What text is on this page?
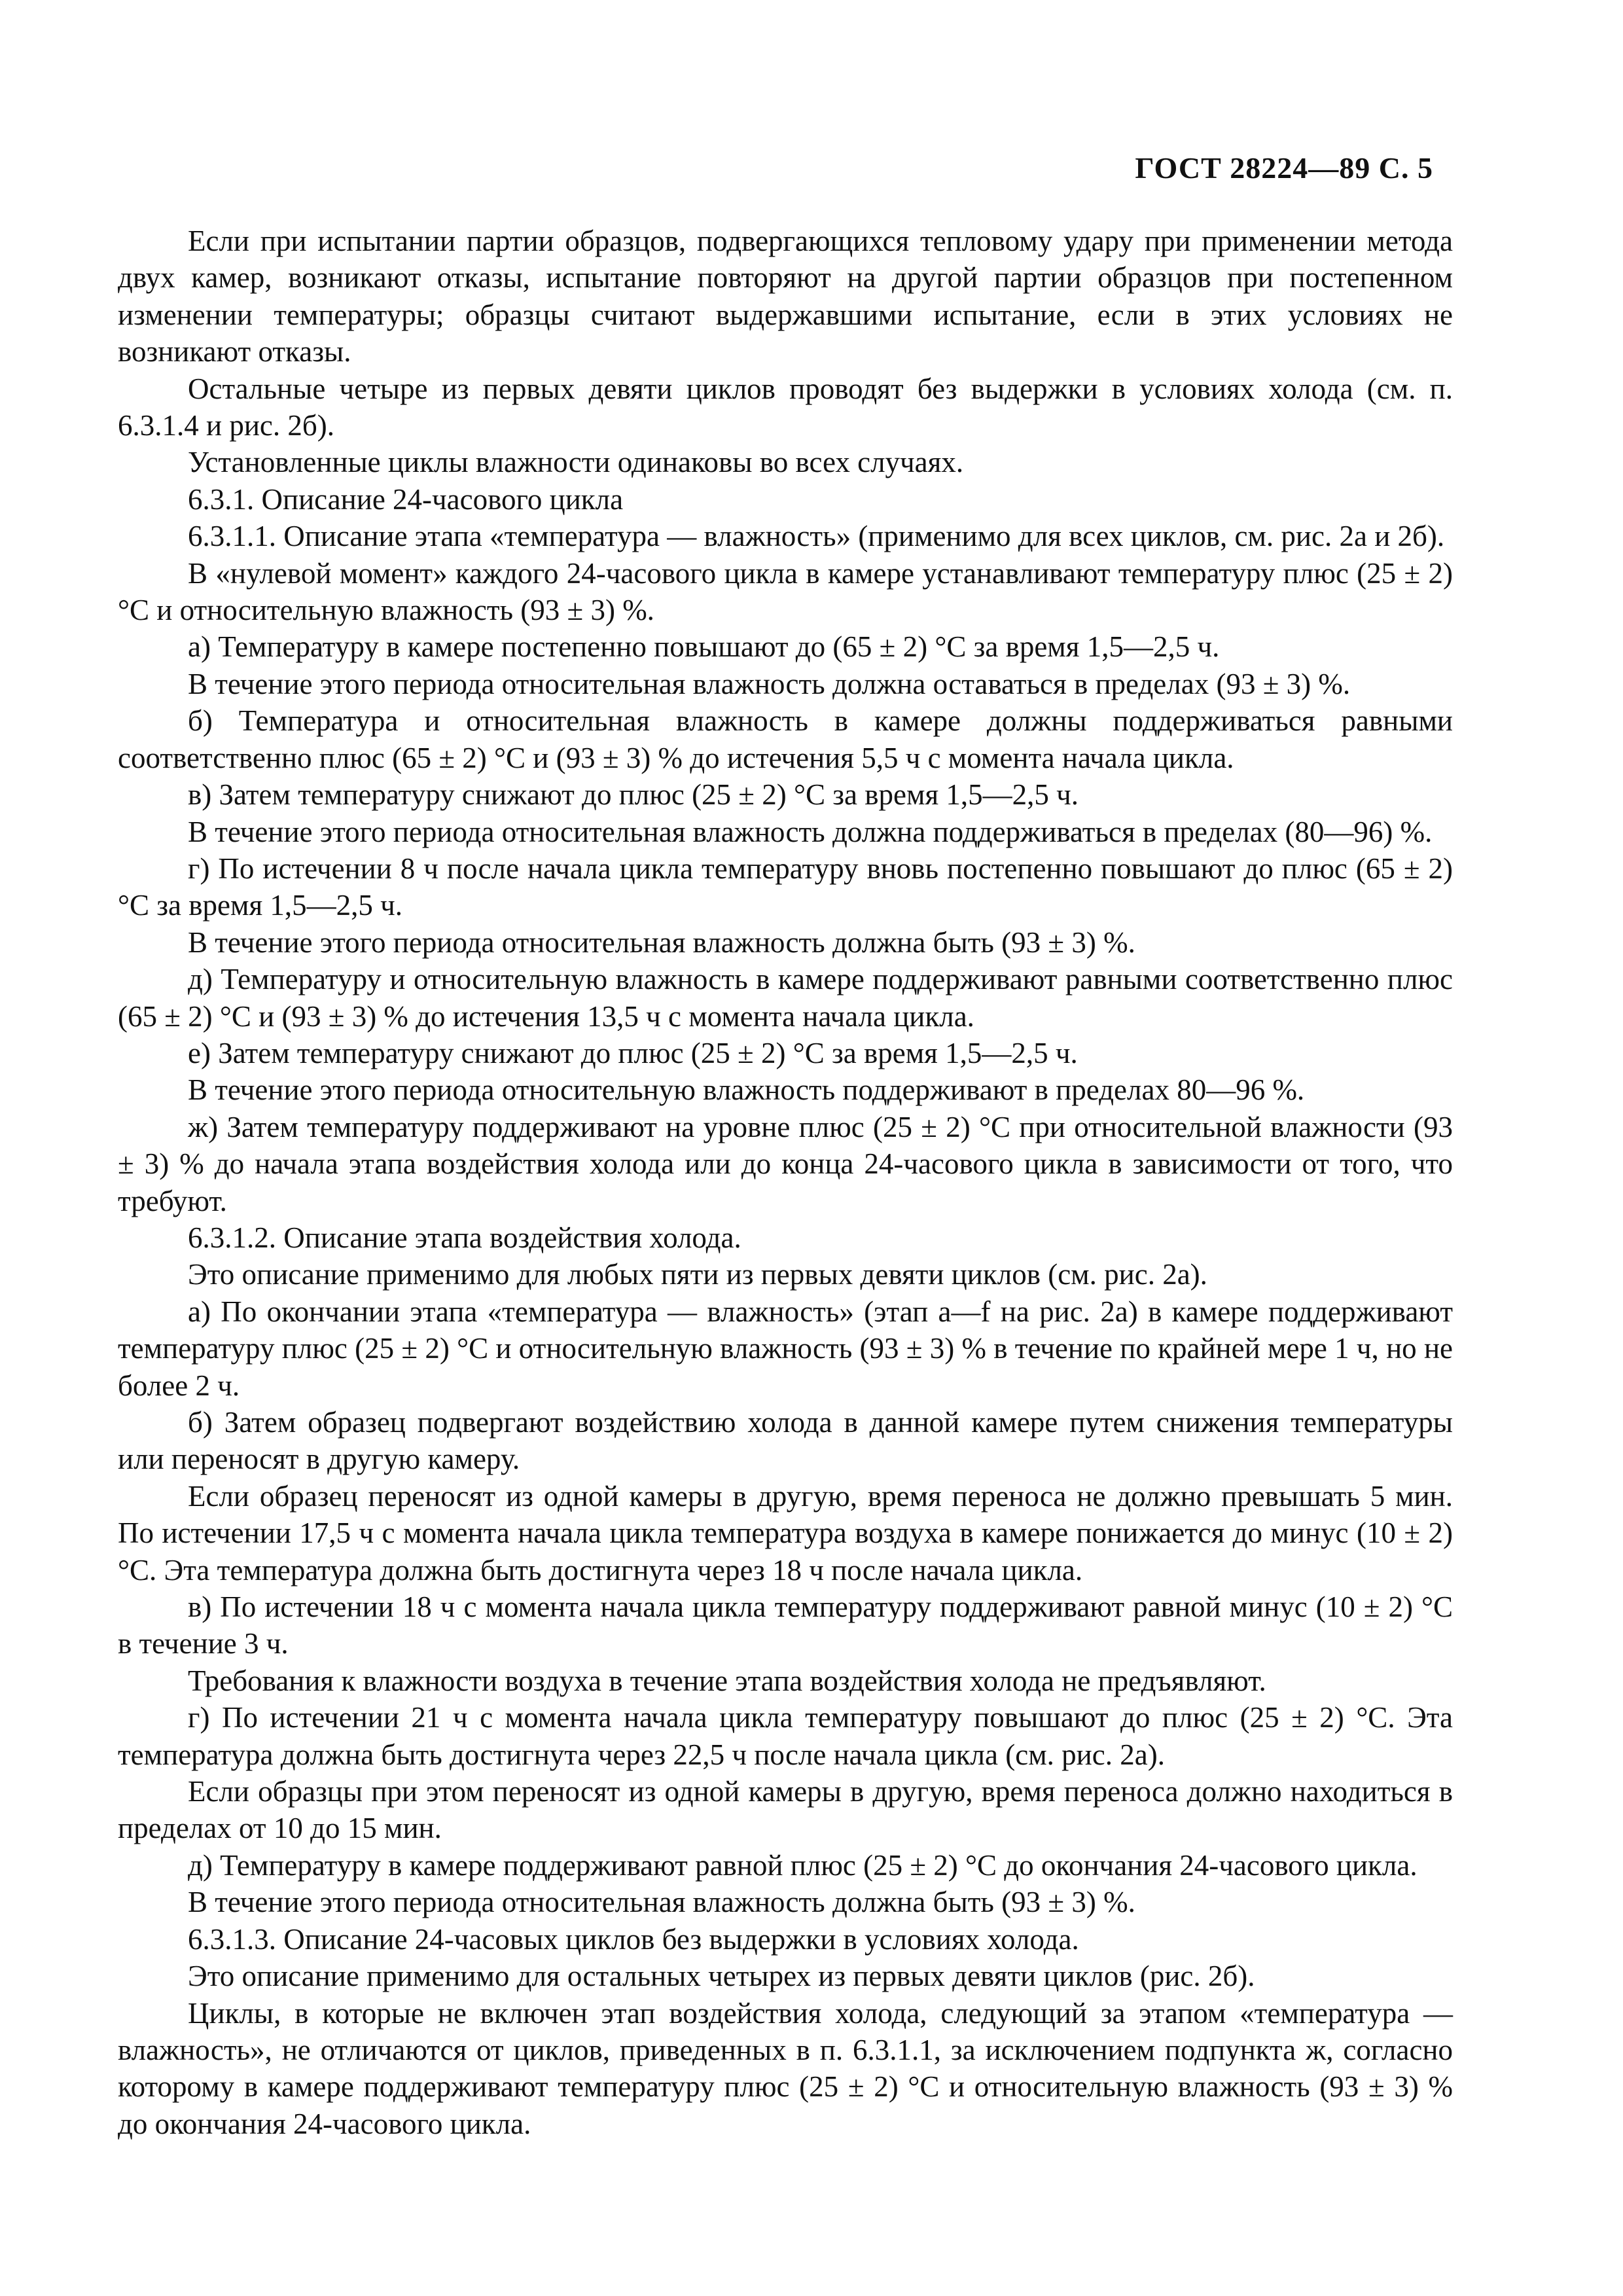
ГОСТ 28224—89 С. 5

Если при испытании партии образцов, подвергающихся тепловому удару при применении метода двух камер, возникают отказы, испытание повторяют на другой партии образцов при постепенном изменении температуры; образцы считают выдержавшими испытание, если в этих условиях не возникают отказы.

Остальные четыре из первых девяти циклов проводят без выдержки в условиях холода (см. п. 6.3.1.4 и рис. 2б).

Установленные циклы влажности одинаковы во всех случаях.

6.3.1. Описание 24-часового цикла

6.3.1.1. Описание этапа «температура — влажность» (применимо для всех циклов, см. рис. 2а и 2б).

В «нулевой момент» каждого 24-часового цикла в камере устанавливают температуру плюс (25 ± 2) °С и относительную влажность (93 ± 3) %.

а) Температуру в камере постепенно повышают до (65 ± 2) °С за время 1,5—2,5 ч.

В течение этого периода относительная влажность должна оставаться в пределах (93 ± 3) %.

б) Температура и относительная влажность в камере должны поддерживаться равными соответственно плюс (65 ± 2) °С и (93 ± 3) % до истечения 5,5 ч с момента начала цикла.

в) Затем температуру снижают до плюс (25 ± 2) °С за время 1,5—2,5 ч.

В течение этого периода относительная влажность должна поддерживаться в пределах (80—96) %.

г) По истечении 8 ч после начала цикла температуру вновь постепенно повышают до плюс (65 ± 2) °С за время 1,5—2,5 ч.

В течение этого периода относительная влажность должна быть (93 ± 3) %.

д) Температуру и относительную влажность в камере поддерживают равными соответственно плюс (65 ± 2) °С и (93 ± 3) % до истечения 13,5 ч с момента начала цикла.

е) Затем температуру снижают до плюс (25 ± 2) °С за время 1,5—2,5 ч.

В течение этого периода относительную влажность поддерживают в пределах 80—96 %.

ж) Затем температуру поддерживают на уровне плюс (25 ± 2) °С при относительной влажности (93 ± 3) % до начала этапа воздействия холода или до конца 24-часового цикла в зависимости от того, что требуют.

6.3.1.2. Описание этапа воздействия холода.

Это описание применимо для любых пяти из первых девяти циклов (см. рис. 2а).

а) По окончании этапа «температура — влажность» (этап a—f на рис. 2а) в камере поддерживают температуру плюс (25 ± 2) °С и относительную влажность (93 ± 3) % в течение по крайней мере 1 ч, но не более 2 ч.

б) Затем образец подвергают воздействию холода в данной камере путем снижения температуры или переносят в другую камеру.

Если образец переносят из одной камеры в другую, время переноса не должно превышать 5 мин. По истечении 17,5 ч с момента начала цикла температура воздуха в камере понижается до минус (10 ± 2) °С. Эта температура должна быть достигнута через 18 ч после начала цикла.

в) По истечении 18 ч с момента начала цикла температуру поддерживают равной минус (10 ± 2) °С в течение 3 ч.

Требования к влажности воздуха в течение этапа воздействия холода не предъявляют.

г) По истечении 21 ч с момента начала цикла температуру повышают до плюс (25 ± 2) °С. Эта температура должна быть достигнута через 22,5 ч после начала цикла (см. рис. 2а).

Если образцы при этом переносят из одной камеры в другую, время переноса должно находиться в пределах от 10 до 15 мин.

д) Температуру в камере поддерживают равной плюс (25 ± 2) °С до окончания 24-часового цикла.

В течение этого периода относительная влажность должна быть (93 ± 3) %.

6.3.1.3. Описание 24-часовых циклов без выдержки в условиях холода.

Это описание применимо для остальных четырех из первых девяти циклов (рис. 2б).

Циклы, в которые не включен этап воздействия холода, следующий за этапом «температура — влажность», не отличаются от циклов, приведенных в п. 6.3.1.1, за исключением подпункта ж, согласно которому в камере поддерживают температуру плюс (25 ± 2) °С и относительную влажность (93 ± 3) % до окончания 24-часового цикла.
